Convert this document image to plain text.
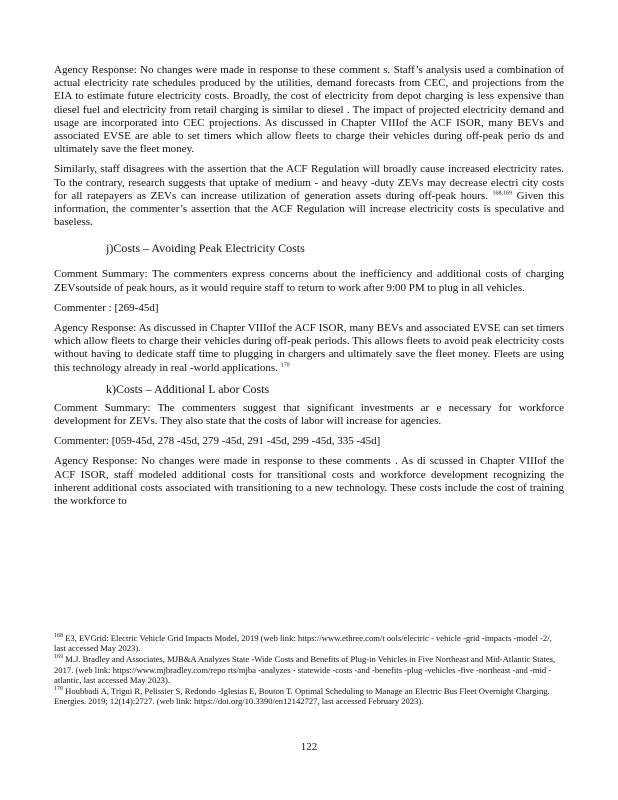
Agency Response: No changes were made in response to these comment s. Staff’s analysis used a combination of actual electricity rate schedules produced by the utilities, demand forecasts from CEC, and projections from the EIA to estimate future electricity costs. Broadly, the cost of electricity from depot charging is less expensive than diesel fuel and electricity from retail charging is similar to diesel . The impact of projected electricity demand and usage are incorporated into CEC projections. As discussed in Chapter VIIIof the ACF ISOR, many BEVs and associated EVSE are able to set timers which allow fleets to charge their vehicles during off-peak perio ds and ultimately save the fleet money.

Similarly, staff disagrees with the assertion that the ACF Regulation will broadly cause increased electricity rates. To the contrary, research suggests that uptake of medium - and heavy -duty ZEVs may decrease electri city costs for all ratepayers as ZEVs can increase utilization of generation assets during off-peak hours. $^{168,169}$ Given this information, the commenter’s assertion that the ACF Regulation will increase electricity costs is speculative and baseless.

j)Costs – Avoiding Peak Electricity Costs

Comment Summary: The commenters express concerns about the inefficiency and additional costs of charging ZEVsoutside of peak hours, as it would require staff to return to work after 9:00 PM to plug in all vehicles.

Commenter : [269-45d]

Agency Response: As discussed in Chapter VIIIof the ACF ISOR, many BEVs and associated EVSE can set timers which allow fleets to charge their vehicles during off-peak periods. This allows fleets to avoid peak electricity costs without having to dedicate staff time to plugging in chargers and ultimately save the fleet money. Fleets are using this technology already in real -world applications. $^{170}$

k)Costs – Additional L abor Costs

Comment Summary: The commenters suggest that significant investments ar e necessary for workforce development for ZEVs. They also state that the costs of labor will increase for agencies.

Commenter: [059-45d, 278 -45d, 279 -45d, 291 -45d, 299 -45d, 335 -45d]

Agency Response: No changes were made in response to these comments . As di scussed in Chapter VIIIof the ACF ISOR, staff modeled additional costs for transitional costs and workforce development recognizing the inherent additional costs associated with transitioning to a new technology. These costs include the cost of training the workforce to

$^{168}$ E3, EVGrid: Electric Vehicle Grid Impacts Model, 2019 (web link: https://www.ethree.com/t ools/electric - vehicle -grid -impacts -model -2/, last accessed May 2023).

$^{169}$ M.J. Bradley and Associates, MJB&A Analyzes State -Wide Costs and Benefits of Plug-in Vehicles in Five Northeast and Mid-Atlantic States, 2017. (web link: https://www.mjbradley.com/repo rts/mjba -analyzes - statewide -costs -and -benefits -plug -vehicles -five -northeast -and -mid -atlantic, last accessed May 2023).

$^{170}$ Houbbadi A, Trigui R, Pelissier S, Redondo -Iglesias E, Bouton T. Optimal Scheduling to Manage an Electric Bus Fleet Overnight Charging. Energies. 2019; 12(14):2727. (web link: https://doi.org/10.3390/en12142727, last accessed February 2023).

122
